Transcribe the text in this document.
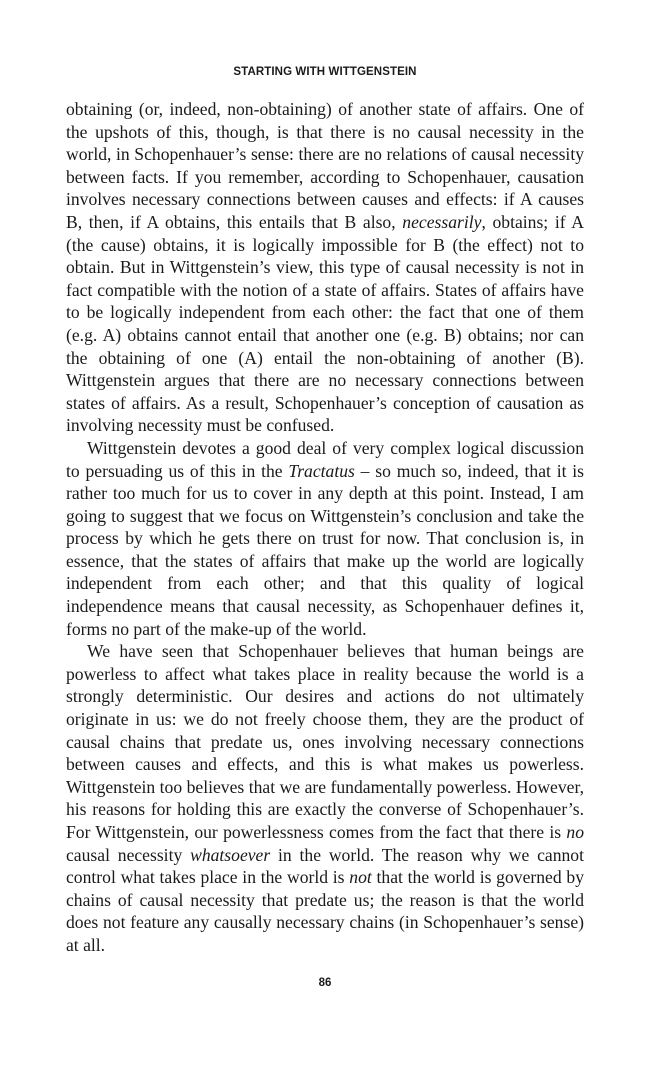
STARTING WITH WITTGENSTEIN

obtaining (or, indeed, non-obtaining) of another state of affairs. One of the upshots of this, though, is that there is no causal necessity in the world, in Schopenhauer’s sense: there are no relations of causal necessity between facts. If you remember, according to Schopenhauer, causation involves necessary connections between causes and effects: if A causes B, then, if A obtains, this entails that B also, necessarily, obtains; if A (the cause) obtains, it is logically impossible for B (the effect) not to obtain. But in Wittgenstein’s view, this type of causal necessity is not in fact compatible with the notion of a state of affairs. States of affairs have to be logically independent from each other: the fact that one of them (e.g. A) obtains cannot entail that another one (e.g. B) obtains; nor can the obtaining of one (A) entail the non-obtaining of another (B). Wittgenstein argues that there are no necessary connections between states of affairs. As a result, Schopenhauer’s conception of causation as involving necessity must be confused.

Wittgenstein devotes a good deal of very complex logical discussion to persuading us of this in the Tractatus – so much so, indeed, that it is rather too much for us to cover in any depth at this point. Instead, I am going to suggest that we focus on Wittgenstein’s conclusion and take the process by which he gets there on trust for now. That conclusion is, in essence, that the states of affairs that make up the world are logically independent from each other; and that this quality of logical independence means that causal necessity, as Schopenhauer defines it, forms no part of the make-up of the world.

We have seen that Schopenhauer believes that human beings are powerless to affect what takes place in reality because the world is a strongly deterministic. Our desires and actions do not ultimately originate in us: we do not freely choose them, they are the product of causal chains that predate us, ones involving necessary connections between causes and effects, and this is what makes us powerless. Wittgenstein too believes that we are fundamentally powerless. However, his reasons for holding this are exactly the converse of Schopenhauer’s. For Wittgenstein, our powerlessness comes from the fact that there is no causal necessity whatsoever in the world. The reason why we cannot control what takes place in the world is not that the world is governed by chains of causal necessity that predate us; the reason is that the world does not feature any causally necessary chains (in Schopenhauer’s sense) at all.

86
